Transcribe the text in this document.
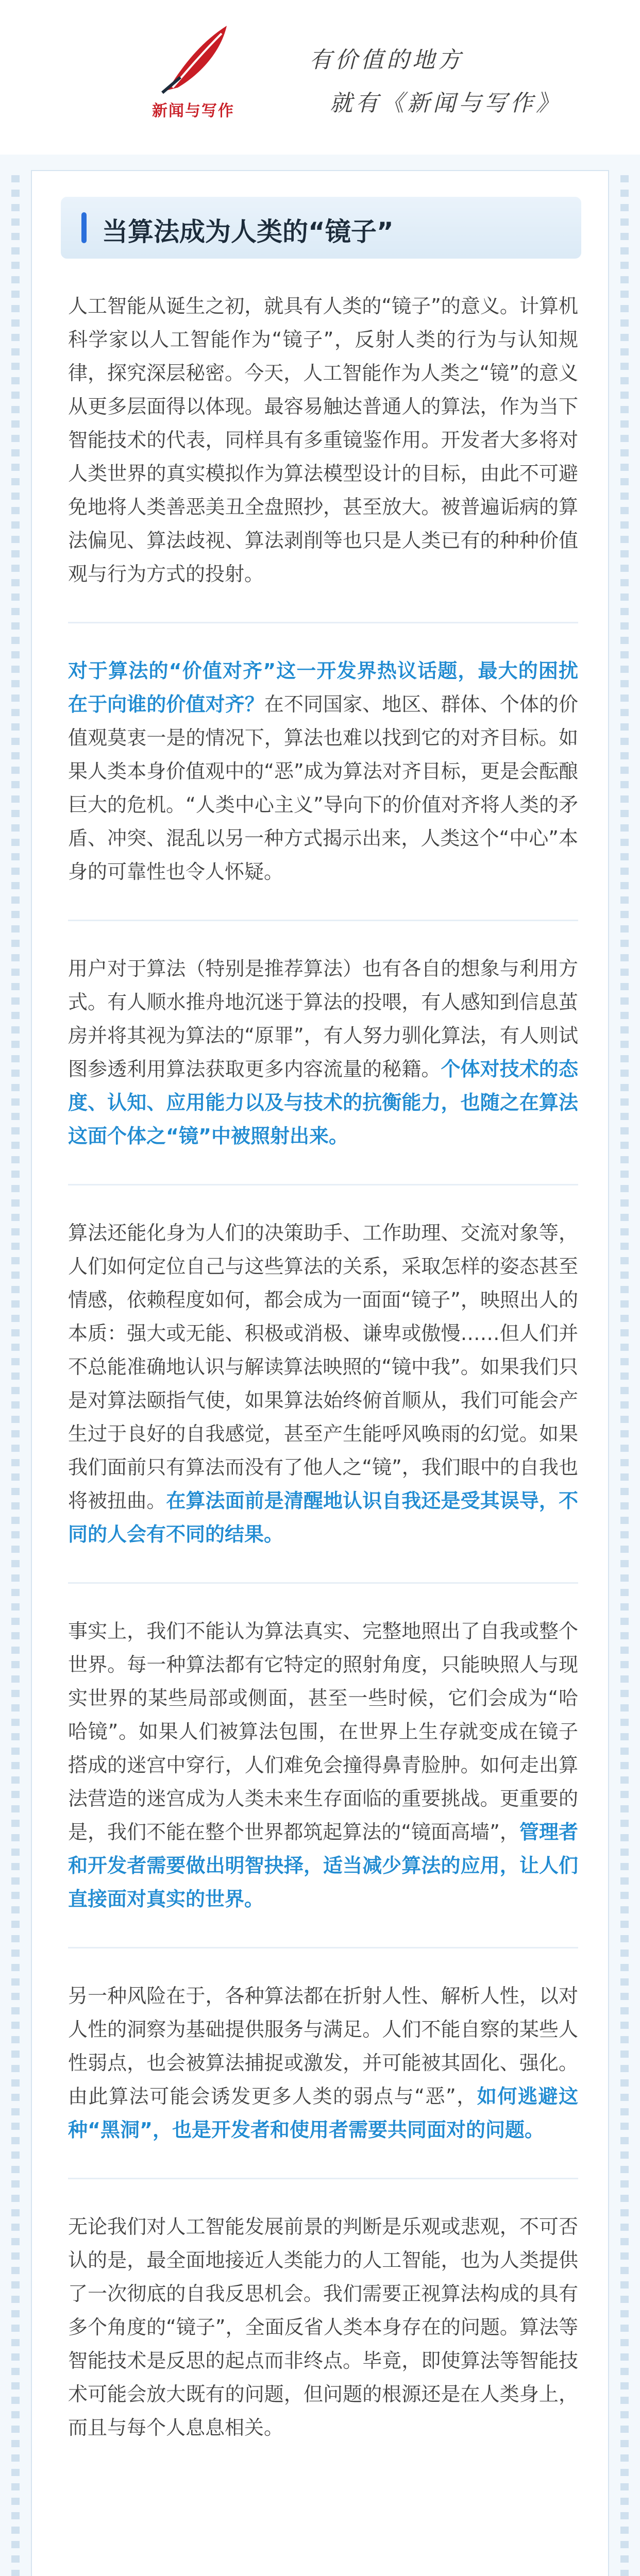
新闻与写作
有价值的地方
就有《新闻与写作》
当算法成为人类的“镜子”

人工智能从诞生之初，就具有人类的“镜子”的意义。计算机科学家以人工智能作为“镜子”，反射人类的行为与认知规律，探究深层秘密。今天，人工智能作为人类之“镜”的意义从更多层面得以体现。最容易触达普通人的算法，作为当下智能技术的代表，同样具有多重镜鉴作用。开发者大多将对人类世界的真实模拟作为算法模型设计的目标，由此不可避免地将人类善恶美丑全盘照抄，甚至放大。被普遍诟病的算法偏见、算法歧视、算法剥削等也只是人类已有的种种价值观与行为方式的投射。

对于算法的“价值对齐”这一开发界热议话题，最大的困扰在于向谁的价值对齐？在不同国家、地区、群体、个体的价值观莫衷一是的情况下，算法也难以找到它的对齐目标。如果人类本身价值观中的“恶”成为算法对齐目标，更是会酝酿巨大的危机。“人类中心主义”导向下的价值对齐将人类的矛盾、冲突、混乱以另一种方式揭示出来，人类这个“中心”本身的可靠性也令人怀疑。

用户对于算法（特别是推荐算法）也有各自的想象与利用方式。有人顺水推舟地沉迷于算法的投喂，有人感知到信息茧房并将其视为算法的“原罪”，有人努力驯化算法，有人则试图参透利用算法获取更多内容流量的秘籍。个体对技术的态度、认知、应用能力以及与技术的抗衡能力，也随之在算法这面个体之“镜”中被照射出来。

算法还能化身为人们的决策助手、工作助理、交流对象等，人们如何定位自己与这些算法的关系，采取怎样的姿态甚至情感，依赖程度如何，都会成为一面面“镜子”，映照出人的本质：强大或无能、积极或消极、谦卑或傲慢……但人们并不总能准确地认识与解读算法映照的“镜中我”。如果我们只是对算法颐指气使，如果算法始终俯首顺从，我们可能会产生过于良好的自我感觉，甚至产生能呼风唤雨的幻觉。如果我们面前只有算法而没有了他人之“镜”，我们眼中的自我也将被扭曲。在算法面前是清醒地认识自我还是受其误导，不同的人会有不同的结果。

事实上，我们不能认为算法真实、完整地照出了自我或整个世界。每一种算法都有它特定的照射角度，只能映照人与现实世界的某些局部或侧面，甚至一些时候，它们会成为“哈哈镜”。如果人们被算法包围，在世界上生存就变成在镜子搭成的迷宫中穿行，人们难免会撞得鼻青脸肿。如何走出算法营造的迷宫成为人类未来生存面临的重要挑战。更重要的是，我们不能在整个世界都筑起算法的“镜面高墙”，管理者和开发者需要做出明智抉择，适当减少算法的应用，让人们直接面对真实的世界。

另一种风险在于，各种算法都在折射人性、解析人性，以对人性的洞察为基础提供服务与满足。人们不能自察的某些人性弱点，也会被算法捕捉或激发，并可能被其固化、强化。由此算法可能会诱发更多人类的弱点与“恶”，如何逃避这种“黑洞”，也是开发者和使用者需要共同面对的问题。

无论我们对人工智能发展前景的判断是乐观或悲观，不可否认的是，最全面地接近人类能力的人工智能，也为人类提供了一次彻底的自我反思机会。我们需要正视算法构成的具有多个角度的“镜子”，全面反省人类本身存在的问题。算法等智能技术是反思的起点而非终点。毕竟，即使算法等智能技术可能会放大既有的问题，但问题的根源还是在人类身上，而且与每个人息息相关。
